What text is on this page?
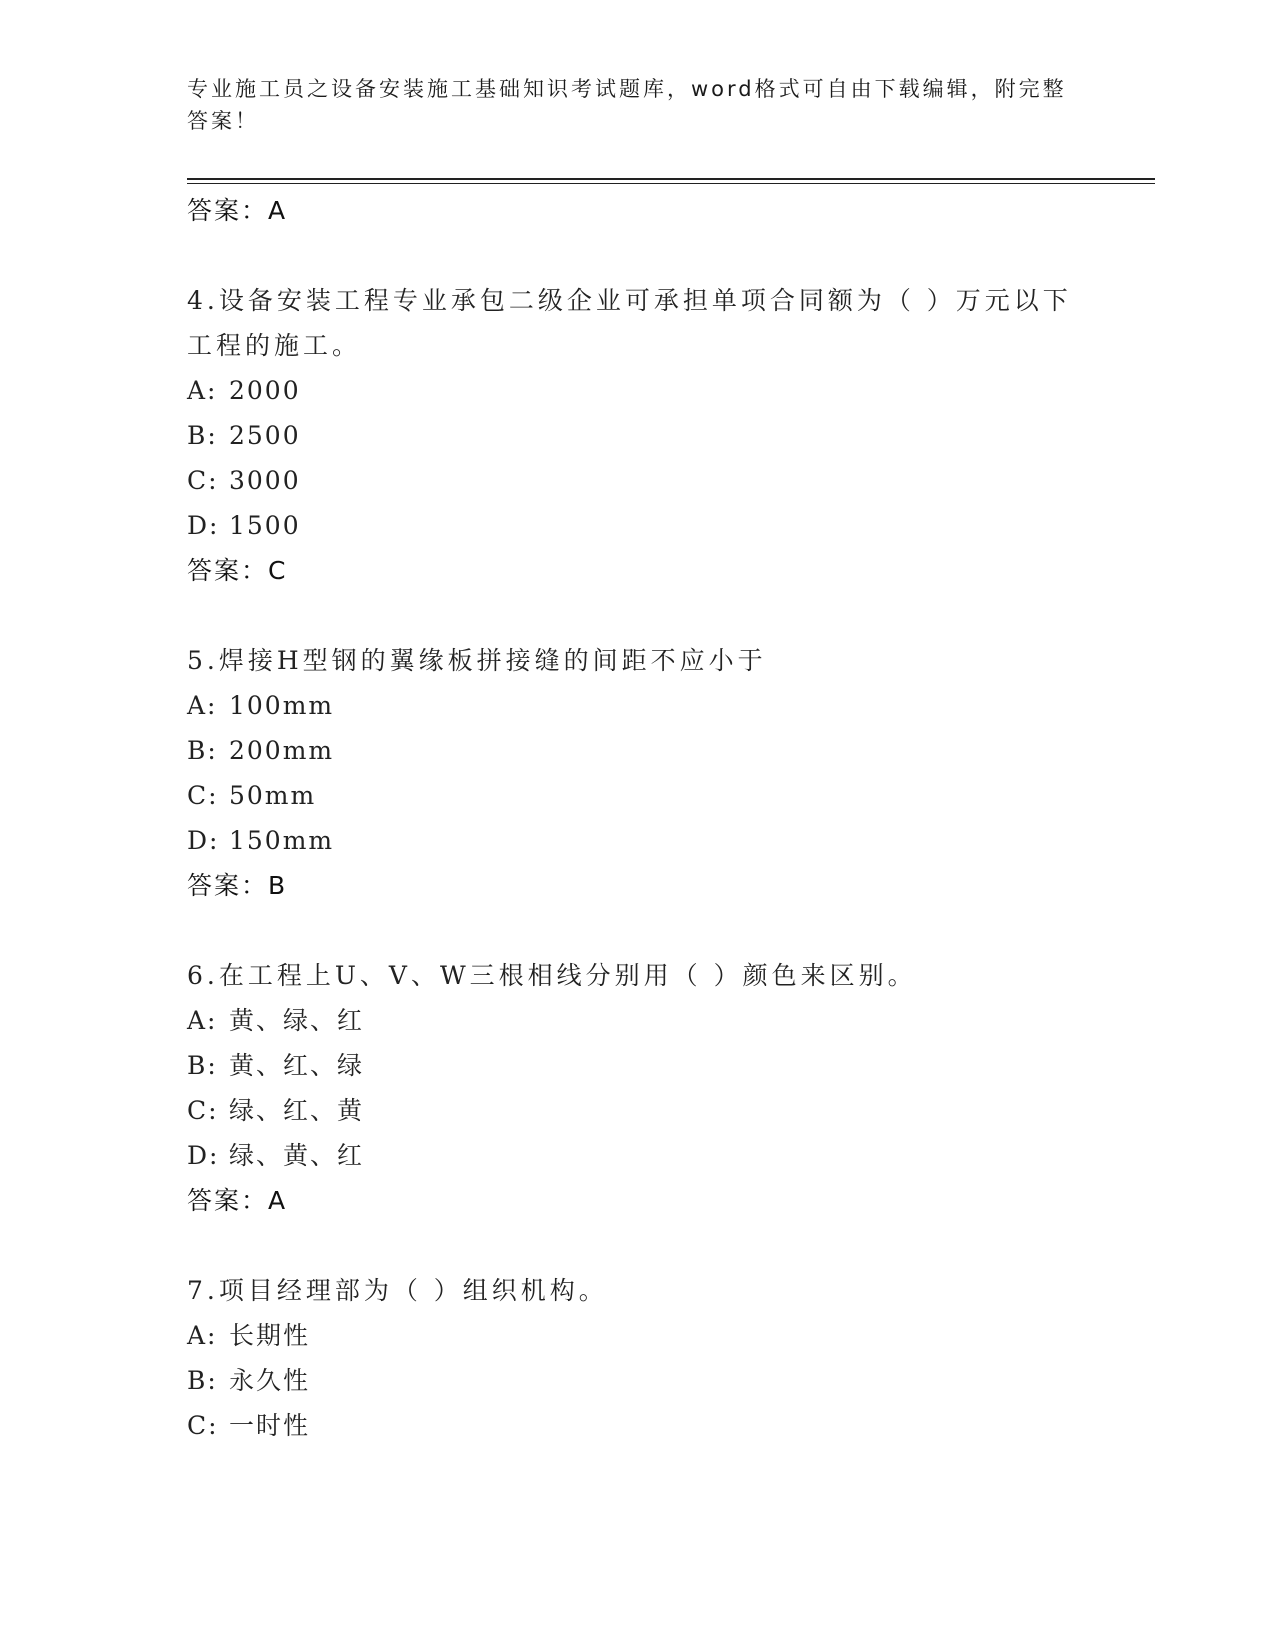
专业施工员之设备安装施工基础知识考试题库，word格式可自由下载编辑，附完整答案！
答案：A
4.设备安装工程专业承包二级企业可承担单项合同额为（ ）万元以下工程的施工。
A: 2000
B: 2500
C: 3000
D: 1500
答案：C
5.焊接H型钢的翼缘板拼接缝的间距不应小于
A: 100mm
B: 200mm
C: 50mm
D: 150mm
答案：B
6.在工程上U、V、W三根相线分别用（ ）颜色来区别。
A: 黄、绿、红
B: 黄、红、绿
C: 绿、红、黄
D: 绿、黄、红
答案：A
7.项目经理部为（ ）组织机构。
A: 长期性
B: 永久性
C: 一时性
